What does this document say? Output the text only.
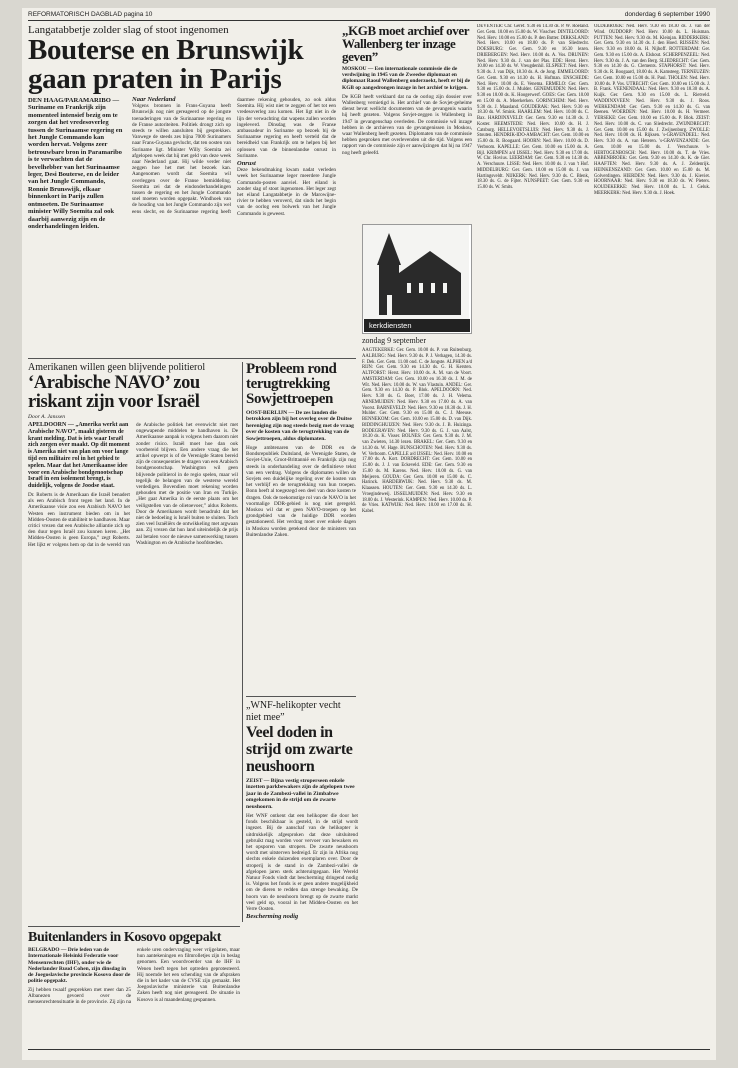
REFORMATORISCH DAGBLAD pagina 10	donderdag 6 september 1990

Langatabbetje zolder slag of stoot ingenomen

Bouterse en Brunswijk gaan praten in Parijs

DEN HAAG/PARAMARIBO — Suriname en Frankrijk zijn momenteel intensief bezig om te zorgen dat het vredesoverleg tussen de Surinaamse regering en het Jungle Commando kan worden hervat. Volgens zeer betrouwbare bron in Paramaribo is te verwachten dat de bevelhebber van het Surinaamse leger, Desi Bouterse, en de leider van het Jungle Commando, Ronnie Brunswijk, elkaar binnenkort in Parijs zullen ontmoeten. De Surinaamse minister Willy Soemita zal ook daarbij aanwezig zijn en de onderhandelingen leiden.

Naar Nederland
Volgens bronnen in Frans-Guyana heeft Brunswijk nog niet gereageerd op de jongste toenaderingen van de Surinaamse regering en de Franse autoriteiten. Politiek drongt zich op steeds te willen aansluiten bij gesprekken. Vanwege de steeds zes bijna 7000 Surinamers naar Frans-Guyana gevlucht, dat ten oosten van Suriname ligt. Minister Willy Soemita zei afgelopen week dat hij met geld van deze week naar Nederland gaat. Hij wilde verder niet zeggen hoe het met het bezoek kan. Aangenomen wordt dat Soemita wil overleggen over de Franse bemiddeling. Soemita zei dat de eindonderhandelingen tussen de regering en het Jungle Commando snel moeten worden opgepakt. Windhoek van de houding van het Jungle Commando zijn wel eens slecht, en de Surinaamse regering heeft daarmee rekening gehouden, zo ook aldus Soemita. Hij wist niet te zeggen of het tot een vredesoverleg zou komen. Het ligt niet in de lijn der verwachting dat wapens zullen worden ingeleverd. Dinsdag was de Franse ambassadeur in Suriname op bezoek bij de Surinaamse regering en heeft verteld dat de bereidheid van Frankrijk om te helpen bij het oplossen van de binnenlandse onrust in Suriname.
Onrust
Deze bekendmaking kwam nadat verleden week het Surinaamse leger meerdere Jungle Commando-posten aanviel. Het eiland is zonder slag of stoot ingenomen. Het leger zegt het eiland Langatabbetje in de Marowijne-rivier te hebben veroverd, dat sinds het begin van de oorlog een bolwerk van het Jungle Commando is geweest.

„KGB moet archief over Wallenberg ter inzage geven”

MOSKOU — Een internationale commissie die de verdwijning in 1945 van de Zweedse diplomaat en diplomaat Raoul Wallenberg onderzoekt, heeft er bij de KGB op aangedrongen inzage in het archief te krijgen.

De KGB heeft verklaard dat na de oorlog zijn dossier over Wallenberg vernietigd is. Het archief van de Sovjet-geheime dienst bevat wellicht documenten van de gevangenis waarin hij heeft gezeten. Volgens Sovjet-zeggen is Wallenberg in 1947 in gevangenschap overleden. De commissie wil inzage hebben in de archieven van de gevangenissen in Moskou, waar Wallenberg heeft gezeten. Diplomaten van de commissie hebben gesproken met overlevenden uit die tijd. Volgens een rapport van de commissie zijn er aanwijzingen dat hij na 1947 nog heeft geleefd.

kerkdiensten

zondag 9 september

AAGTEKERKE: Ger. Gem. 10.00 ds. P. van Ruitenburg. AALBURG: Ned. Herv. 9.30 ds. P. J. Verhagen, 14.30 ds. F. Dek. Ger. Gem. 11.00 ond. C. de Jongste. ALPHEN a/d RIJN: Ger. Gem. 9.30 en 14.30 ds. G. H. Kersten. ALTFORST: Herst. Herv. 10.00 ds. A. M. van de Voort. AMSTERDAM: Ger. Gem. 10.00 en 16.30 ds. J. M. de Wit. Ned. Herv. 10.00 ds. W. van Vlastuin. ANDEL: Ger. Gem. 9.30 en 14.30 ds. P. Blok. APELDOORN: Ned. Herv. 9.30 ds. G. Boer, 17.00 ds. J. H. Velema. ARNEMUIDEN: Ned. Herv. 9.30 en 17.00 ds. A. van Voorst. BARNEVELD: Ned. Herv. 9.30 en 18.30 ds. J. H. Mulder. Ger. Gem. 9.30 en 15.00 ds. C. J. Meeuse. BENNEKOM: Ger. Gem. 10.00 en 15.00 ds. D. van Dijk. BIDDINGHUIZEN: Ned. Herv. 9.30 ds. J. B. Huizinga. BODEGRAVEN: Ned. Herv. 9.30 ds. G. J. van Aalst, 18.30 ds. K. Visser. BOLNES: Ger. Gem. 9.30 ds. J. M. van Zwieten, 14.30 lezen. BRAKEL: Ger. Gem. 9.30 en 14.30 ds. W. Hage. BUNSCHOTEN: Ned. Herv. 9.30 ds. W. Verboom. CAPELLE a/d IJSSEL: Ned. Herv. 10.00 en 17.00 ds. A. Kort. DORDRECHT: Ger. Gem. 10.00 en 15.00 ds. J. J. van Eckeveld. EDE: Ger. Gem. 9.30 en 15.00 ds. M. Karens. Ned. Herv. 10.00 ds. G. van Meijeren. GOUDA: Ger. Gem. 10.00 en 15.00 ds. C. Harinck. HARDERWIJK: Ned. Herv. 9.30 ds. M. Klaassen. HOUTEN: Ger. Gem. 9.30 en 14.30 ds. L. Vroegindeweij. IJSSELMUIDEN: Ned. Herv. 9.30 en 18.00 ds. J. Westerink. KAMPEN: Ned. Herv. 10.00 ds. P. de Vries. KATWIJK: Ned. Herv. 10.00 en 17.00 ds. H. Kabel.

DEVENTER: Chr. Geref. 9.30 en 14.30 ds. P. W. Roeland. Ger. Gem. 10.00 en 15.00 ds. W. Visscher. DINTELOORD: Ned. Herv. 10.00 en 15.00 ds. P. den Butter. DIRKSLAND: Ned. Herv. 10.00 en 18.00 ds. P. van Sliedrecht. DOESBURG: Ger. Gem. 9.30 en 16.30 lezen. DRIEBERGEN: Ned. Herv. 10.00 ds. A. Vos. DRUNEN: Ned. Herv. 9.30 ds. J. van der Plas. EDE: Herst. Herv. 10.00 en 14.30 ds. W. Vreugdenhil. ELSPEET: Ned. Herv. 9.30 ds. J. van Dijk, 18.30 ds. A. de Jong. EMMELOORD: Ger. Gem. 9.30 en 14.30 ds. H. Hofman. ENSCHEDE: Ned. Herv. 10.00 ds. E. Venema. ERMELO: Ger. Gem. 9.30 en 15.00 ds. J. Mulder. GENEMUIDEN: Ned. Herv. 9.30 en 18.00 ds. K. Hoogerwerf. GOES: Ger. Gem. 10.00 en 15.00 ds. A. Moerkerken. GORINCHEM: Ned. Herv. 9.30 ds. J. Maasland. GOUDERAK: Ned. Herv. 9.30 en 18.30 ds. W. Smink. HAARLEM: Ned. Herv. 10.00 ds. C. Bax. HARDINXVELD: Ger. Gem. 9.30 en 14.30 ds. J. Koster. HEEMSTEDE: Ned. Herv. 10.00 ds. H. J. Catsburg. HELLEVOETSLUIS: Ned. Herv. 9.30 ds. J. Stouten. HENDRIK-IDO-AMBACHT: Ger. Gem. 10.00 en 15.00 ds. R. Boogaard. HOORN: Ned. Herv. 10.00 ds. D. Verboom. KAPELLE: Ger. Gem. 10.00 en 15.00 ds. A. Bijl. KRIMPEN a/d IJSSEL: Ned. Herv. 9.30 en 17.00 ds. W. Chr. Hovius. LEERDAM: Ger. Gem. 9.30 en 14.30 ds. A. Verschuure. LISSE: Ned. Herv. 10.00 ds. J. van 't Hof. MIDDELBURG: Ger. Gem. 10.00 en 15.00 ds. J. van Hartingsveldt. NIJKERK: Ned. Herv. 9.30 ds. C. Blenk, 18.30 ds. G. de Fijter. NUNSPEET: Ger. Gem. 9.30 en 15.00 ds. W. Smits.

OLDEBROEK: Ned. Herv. 9.30 en 18.30 ds. J. van der Wind. OUDDORP: Ned. Herv. 10.00 ds. L. Huisman. PUTTEN: Ned. Herv. 9.30 ds. M. Kleinjan. RIDDERKERK: Ger. Gem. 9.30 en 14.30 ds. J. den Hoed. RIJSSEN: Ned. Herv. 9.30 en 18.00 ds. H. Nijhoff. ROTTERDAM: Ger. Gem. 9.30 en 15.00 ds. A. Elshout. SCHERPENZEEL: Ned. Herv. 9.30 ds. J. A. van den Berg. SLIEDRECHT: Ger. Gem. 9.30 en 14.30 ds. G. Clements. STAPHORST: Ned. Herv. 9.30 ds. R. Boogaard, 18.00 ds. A. Kamsteeg. TERNEUZEN: Ger. Gem. 10.00 en 15.00 ds. H. Paul. THOLEN: Ned. Herv. 10.00 ds. P. Vos. UTRECHT: Ger. Gem. 10.00 en 15.00 ds. J. B. Frank. VEENENDAAL: Ned. Herv. 9.30 en 18.30 ds. A. Kuijk. Ger. Gem. 9.30 en 15.00 ds. L. Rietveld. WADDINXVEEN: Ned. Herv. 9.30 ds. J. Roos. WERKENDAM: Ger. Gem. 9.30 en 14.30 ds. G. van Reenen. WOERDEN: Ned. Herv. 10.00 ds. H. Vermeer. YERSEKE: Ger. Gem. 10.00 en 15.00 ds. P. Blok. ZEIST: Ned. Herv. 10.00 ds. C. van Sliedrecht. ZWIJNDRECHT: Ger. Gem. 10.00 en 15.00 ds. J. Zwijnenburg. ZWOLLE: Ned. Herv. 10.00 ds. H. Rijksen. 's-GRAVENDEEL: Ned. Herv. 9.30 ds. A. van Heteren. 's-GRAVENZANDE: Ger. Gem. 10.00 en 15.00 ds. J. Verschuure. 's-HERTOGENBOSCH: Ned. Herv. 10.00 ds. T. de Vries. ABBENBROEK: Ger. Gem. 9.30 en 14.30 ds. K. de Gier. HAAFTEN: Ned. Herv. 9.30 ds. A. J. Zeldenrijk. HEINKENSZAND: Ger. Gem. 10.00 en 15.00 ds. M. Golverdingen. HIERDEN: Ned. Herv. 9.30 ds. J. Kieviet. HOORNAAR: Ned. Herv. 9.30 en 18.30 ds. W. Pieters. KOUDEKERKE: Ned. Herv. 10.00 ds. L. J. Geluk. MEERKERK: Ned. Herv. 9.30 ds. J. Hoek.

Amerikanen willen geen blijvende politierol

‘Arabische NAVO’ zou riskant zijn voor Israël

Door A. Janssen

APELDOORN — „Amerika werkt aan Arabische NAVO”, maakt gisteren de krant melding. Dat is iets waar Israël zich zorgen over maakt. Op dit moment is Amerika niet van plan om voor lange tijd een militaire rol in het gebied te spelen. Maar dat het Amerikaanse idee voor een Arabische bondgenootschap Israël in een isolement brengt, is duidelijk, volgens de Joodse staat.

Dr. Roberts is de Amerikaan die Israël benadert als een Arabisch front tegen het land. In de Amerikaanse visie zou een Arabisch NAVO het Westen een instrument bieden om in het Midden-Oosten de stabiliteit te handhaven. Maar critici vrezen dat een Arabische alliantie zich op den duur tegen Israël zou kunnen keren. „Het Midden-Oosten is geen Europa,” zegt Roberts. Het lijkt er volgens hem op dat in de wereld van de Arabische politiek het evenwicht niet met ongewapende middelen te handhaven is. De Amerikaanse aanpak is volgens hem daarom niet zonder risico. Israël moet hoe dan ook voorbereid blijven. Een andere vraag die het artikel opwerpt is of de Verenigde Staten bereid zijn de consequenties te dragen van een Arabisch bondgenootschap. Washington wil geen blijvende politierol in de regio spelen, maar wil tegelijk de belangen van de westerse wereld verdedigen. Bovendien moet rekening worden gehouden met de positie van Iran en Turkije. „Het gaat Amerika in de eerste plaats om het veiligstellen van de olietoevoer,” aldus Roberts. Door de Amerikanen wordt benadrukt dat het niet de bedoeling is Israël buiten te sluiten. Toch zien veel Israëliërs de ontwikkeling met argwaan aan. Zij vrezen dat hun land uiteindelijk de prijs zal betalen voor de nieuwe samenwerking tussen Washington en de Arabische hoofdsteden.

Probleem rond terugtrekking Sowjettroepen

OOST-BERLIJN — De zes landen die betrokken zijn bij het overleg over de Duitse hereniging zijn nog steeds bezig met de vraag over de kosten van de terugtrekking van de Sowjettroepen, aldus diplomaten.

Hoge ambtenaren van de DDR en de Bondsrepubliek Duitsland, de Verenigde Staten, de Sovjet-Unie, Groot-Brittannië en Frankrijk zijn nog steeds in onderhandeling over de definitieve tekst van een verdrag. Volgens de diplomaten willen de Sovjets een duidelijke regeling over de kosten van het verblijf en de terugtrekking van hun troepen. Bonn heeft al toegezegd een deel van deze kosten te dragen. Ook de toekomstige rol van de NAVO in het voormalige DDR-gebied is nog niet geregeld. Moskou wil dat er geen NAVO-troepen op het grondgebied van de huidige DDR worden gestationeerd. Het verdrag moet over enkele dagen in Moskou worden getekend door de ministers van Buitenlandse Zaken.

„WNF-helikopter vecht niet mee”

Veel doden in strijd om zwarte neushoorn

ZEIST — Bijna vestig stroperseen enkele inzetten parkbewakers zijn de afgelopen twee jaar in de Zambezi-vallei in Zimbabwe omgekomen in de strijd om de zwarte neushoorn.

Het WNF ontkent dat een helikopter die door het fonds beschikbaar is gesteld, in de strijd wordt ingezet. Bij de aanschaf van de helikopter is uitdrukkelijk afgesproken dat deze uitsluitend gebruikt mag worden voor vervoer van bewakers en het opsporen van stropers. De zwarte neushoorn wordt met uitsterven bedreigd. Er zijn in Afrika nog slechts enkele duizenden exemplaren over. Door de stroperij is de stand in de Zambezi-vallei de afgelopen jaren sterk achteruitgegaan. Het Wereld Natuur Fonds vindt dat bescherming dringend nodig is. Volgens het fonds is er geen andere mogelijkheid om de dieren te redden dan strenge bewaking. De hoorn van de neushoorn brengt op de zwarte markt veel geld op, vooral in het Midden-Oosten en het Verre Oosten.
Bescherming nodig

Buitenlanders in Kosovo opgepakt

BELGRADO — Drie leden van de Internationale Helsinki Federatie voor Mensenrechten (IHF), onder wie de Nederlander Ruud Cohen, zijn dinsdag in de Joegoslavische provincie Kosovo door de politie opgepakt.

Zij hebben twaalf gesprekken met meer dan 25 Albanezen gevoerd over de mensenrechtensituatie in de provincie. Zij zijn na enkele uren ondervraging weer vrijgelaten, maar hun aantekeningen en filmrolletjes zijn in beslag genomen. Een woordvoerder van de IHF in Wenen heeft tegen het optreden geprotesteerd. Hij noemde het een schending van de afspraken die in het kader van de CVSE zijn gemaakt. Het Joegoslavische ministerie van Buitenlandse Zaken heeft nog niet gereageerd. De situatie in Kosovo is al maandenlang gespannen.
